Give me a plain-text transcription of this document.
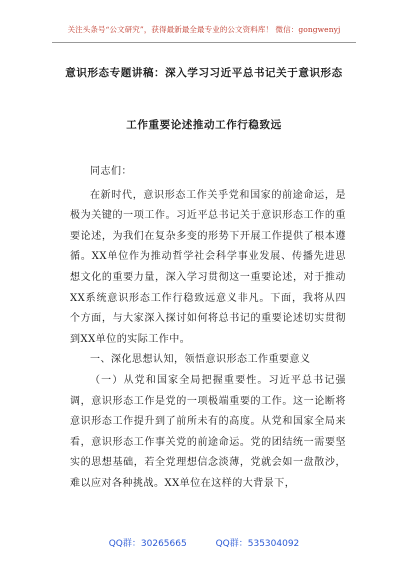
关注头条号“公文研究”，获得最新最全最专业的公文资料库！ 微信：gongwenyj
意识形态专题讲稿：深入学习习近平总书记关于意识形态
工作重要论述推动工作行稳致远

同志们：

在新时代，意识形态工作关乎党和国家的前途命运，是极为关键的一项工作。习近平总书记关于意识形态工作的重要论述，为我们在复杂多变的形势下开展工作提供了根本遵循。XX单位作为推动哲学社会科学事业发展、传播先进思想文化的重要力量，深入学习贯彻这一重要论述，对于推动XX系统意识形态工作行稳致远意义非凡。下面，我将从四个方面，与大家深入探讨如何将总书记的重要论述切实贯彻到XX单位的实际工作中。

一、深化思想认知，领悟意识形态工作重要意义

（一）从党和国家全局把握重要性。习近平总书记强调，意识形态工作是党的一项极端重要的工作。这一论断将意识形态工作提升到了前所未有的高度。从党和国家全局来看，意识形态工作事关党的前途命运。党的团结统一需要坚实的思想基础，若全党理想信念淡薄，党就会如一盘散沙，难以应对各种挑战。XX单位在这样的大背景下，

QQ群：30265665	QQ群：535304092
